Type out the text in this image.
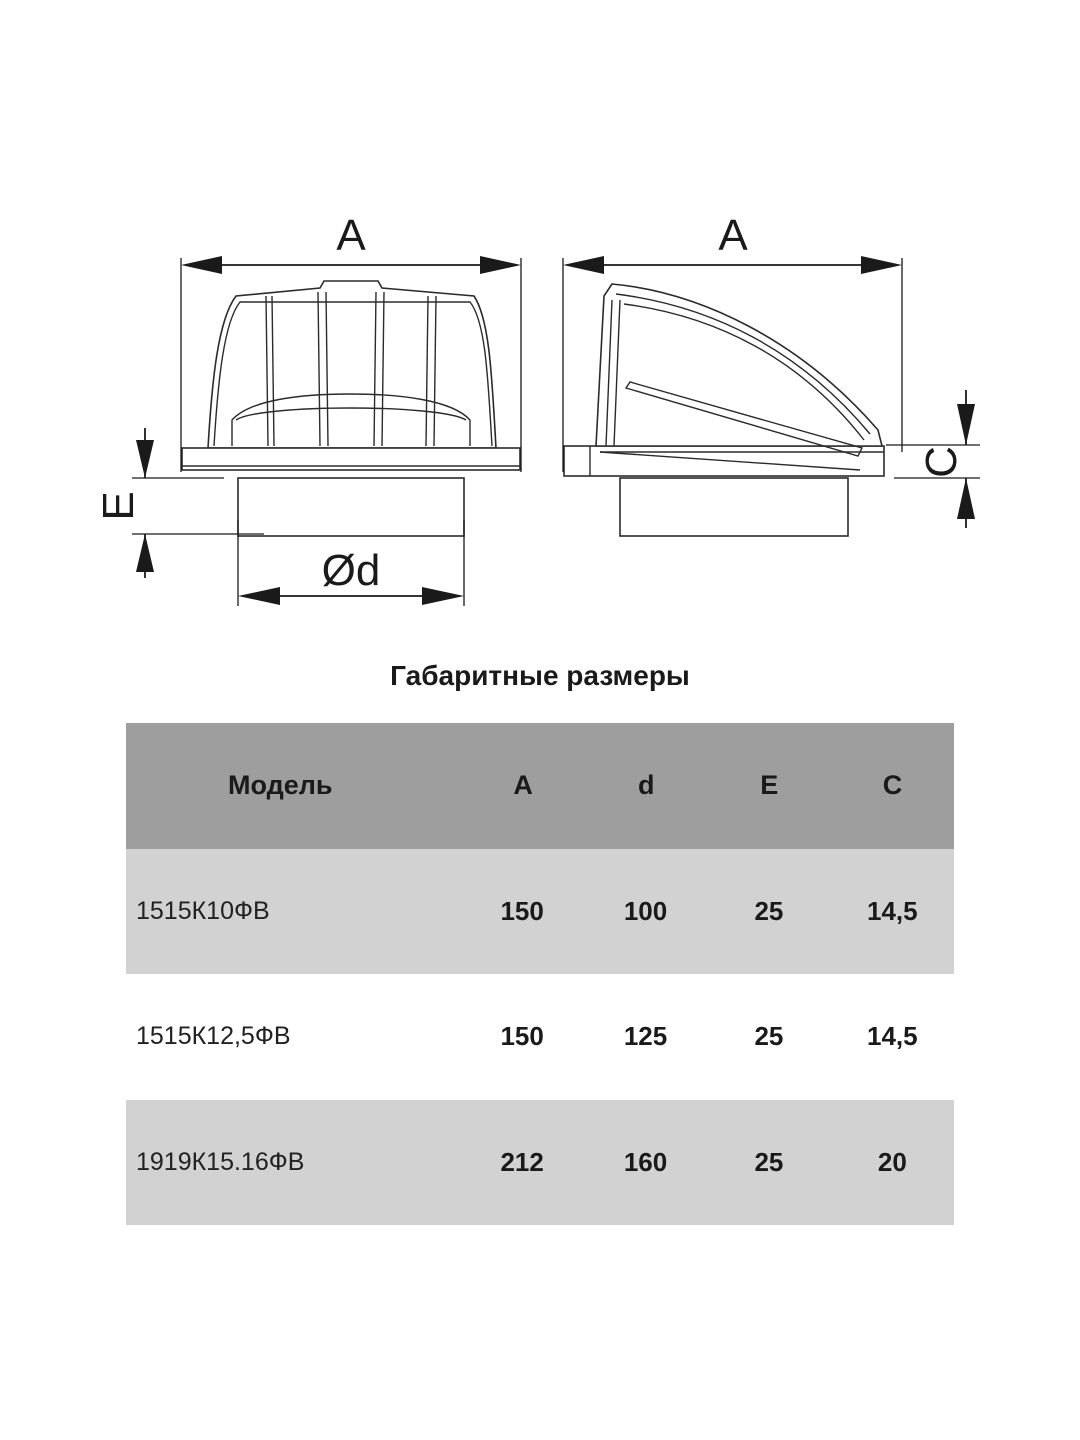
A
E
Ød
A
C
Габаритные размеры
Модель	A	d	E	C
1515К10ФВ	150	100	25	14,5
1515К12,5ФВ	150	125	25	14,5
1919К15.16ФВ	212	160	25	20
